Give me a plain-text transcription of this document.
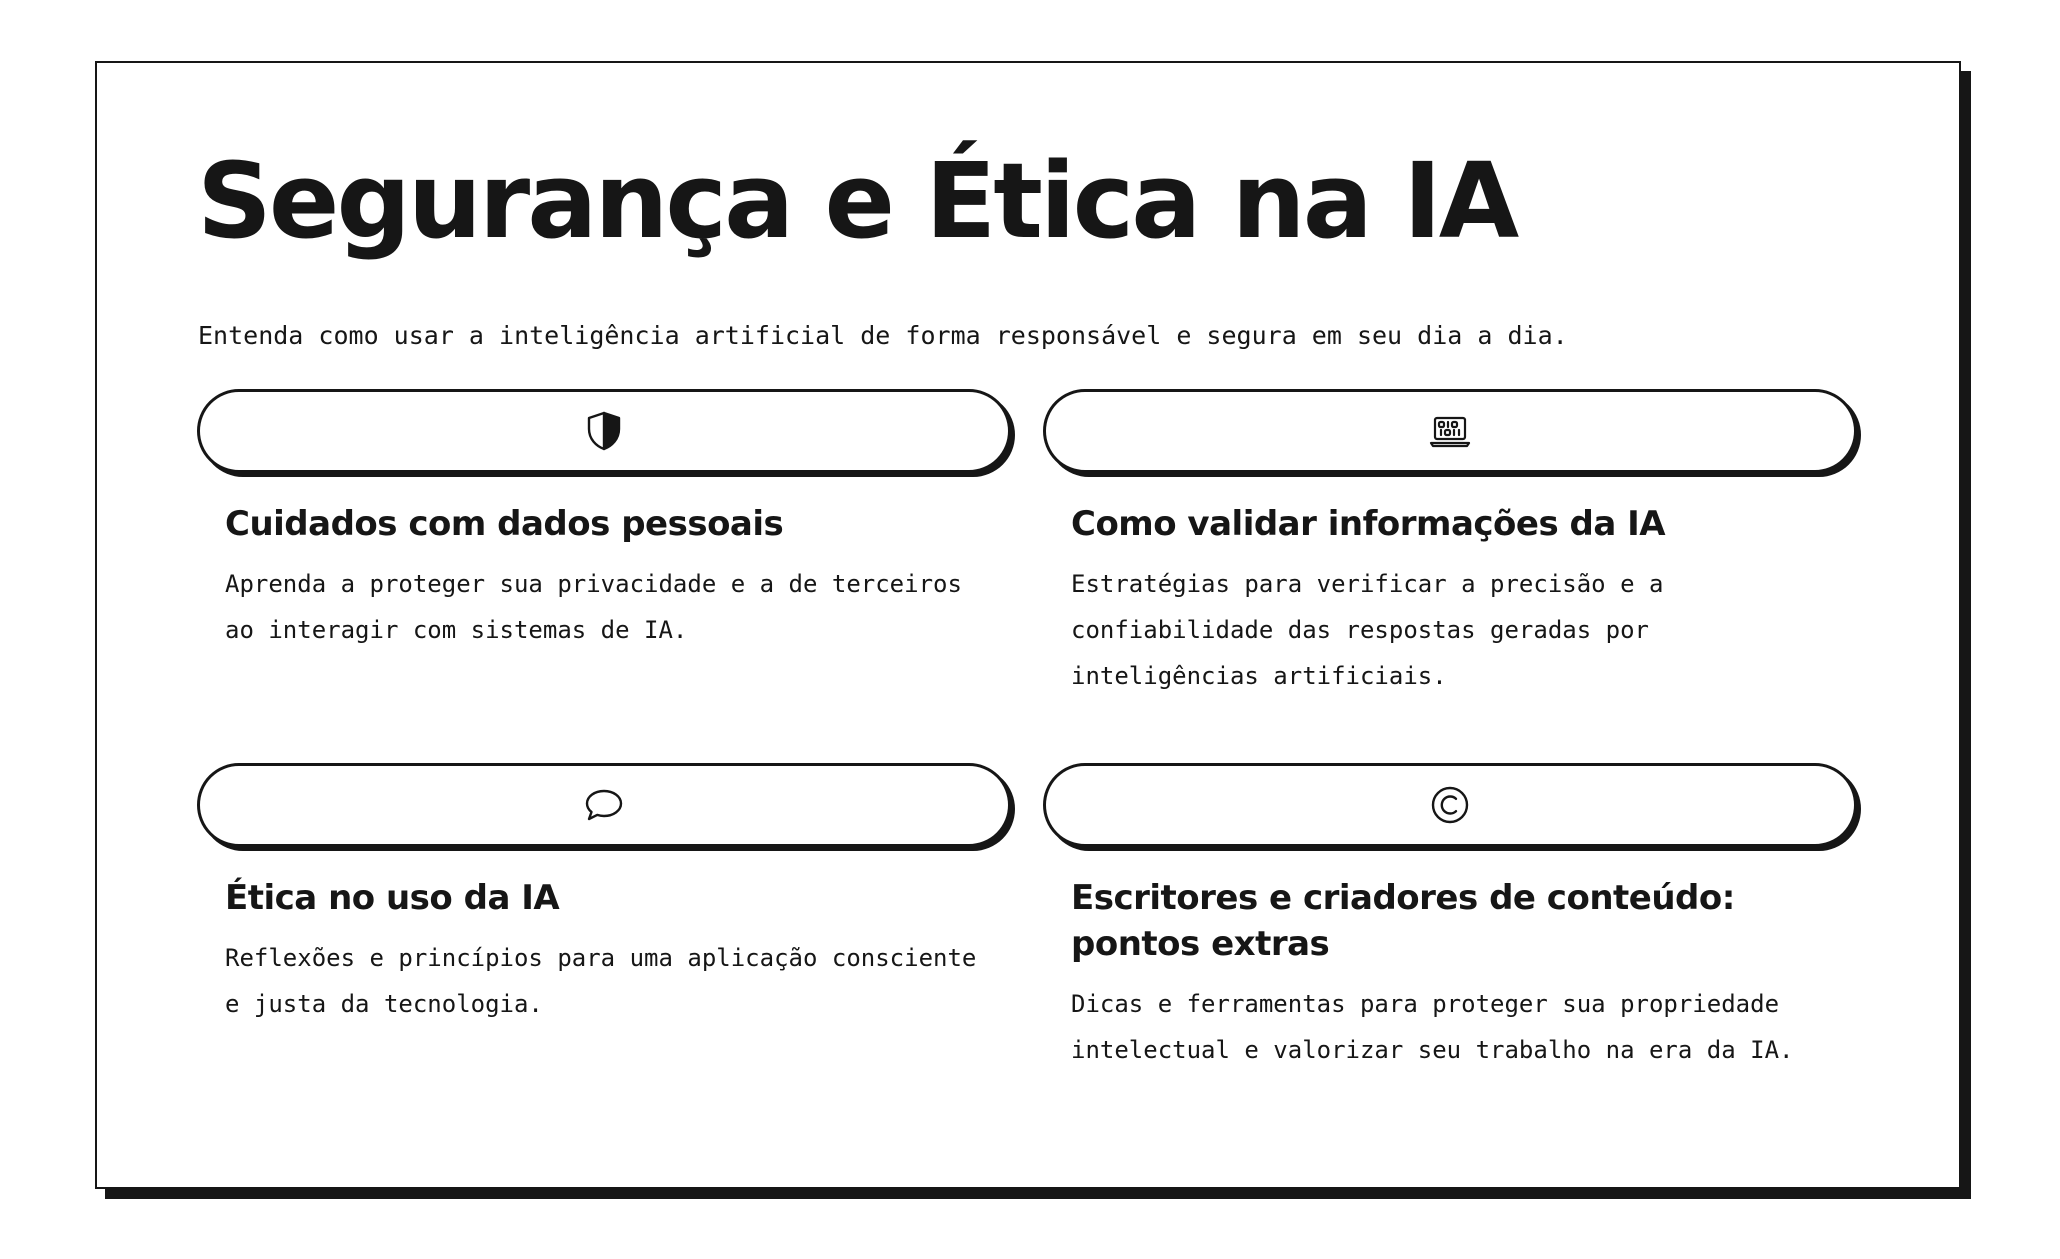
Segurança e Ética na IA

Entenda como usar a inteligência artificial de forma responsável e segura em seu dia a dia.

Cuidados com dados pessoais
Aprenda a proteger sua privacidade e a de terceiros ao interagir com sistemas de IA.
Como validar informações da IA
Estratégias para verificar a precisão e a confiabilidade das respostas geradas por inteligências artificiais.
Ética no uso da IA
Reflexões e princípios para uma aplicação consciente e justa da tecnologia.
Escritores e criadores de conteúdo: pontos extras
Dicas e ferramentas para proteger sua propriedade intelectual e valorizar seu trabalho na era da IA.
